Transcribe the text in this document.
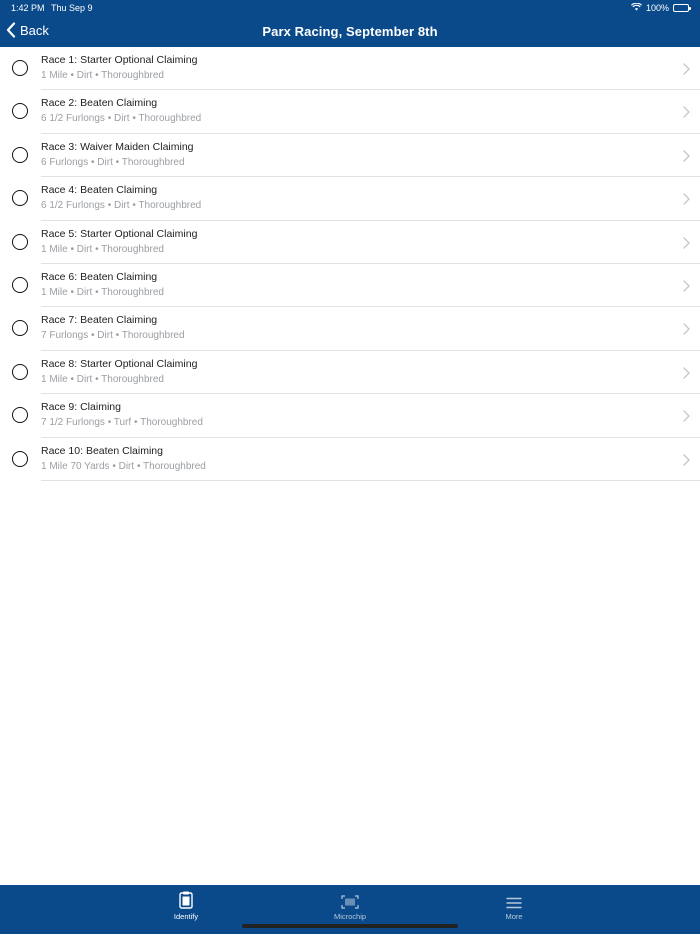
1:42 PM Thu Sep 9	100%
Back	Parx Racing, September 8th
Race 1: Starter Optional Claiming
1 Mile • Dirt • Thoroughbred
Race 2: Beaten Claiming
6 1/2 Furlongs • Dirt • Thoroughbred
Race 3: Waiver Maiden Claiming
6 Furlongs • Dirt • Thoroughbred
Race 4: Beaten Claiming
6 1/2 Furlongs • Dirt • Thoroughbred
Race 5: Starter Optional Claiming
1 Mile • Dirt • Thoroughbred
Race 6: Beaten Claiming
1 Mile • Dirt • Thoroughbred
Race 7: Beaten Claiming
7 Furlongs • Dirt • Thoroughbred
Race 8: Starter Optional Claiming
1 Mile • Dirt • Thoroughbred
Race 9: Claiming
7 1/2 Furlongs • Turf • Thoroughbred
Race 10: Beaten Claiming
1 Mile 70 Yards • Dirt • Thoroughbred
Identify	Microchip	More
